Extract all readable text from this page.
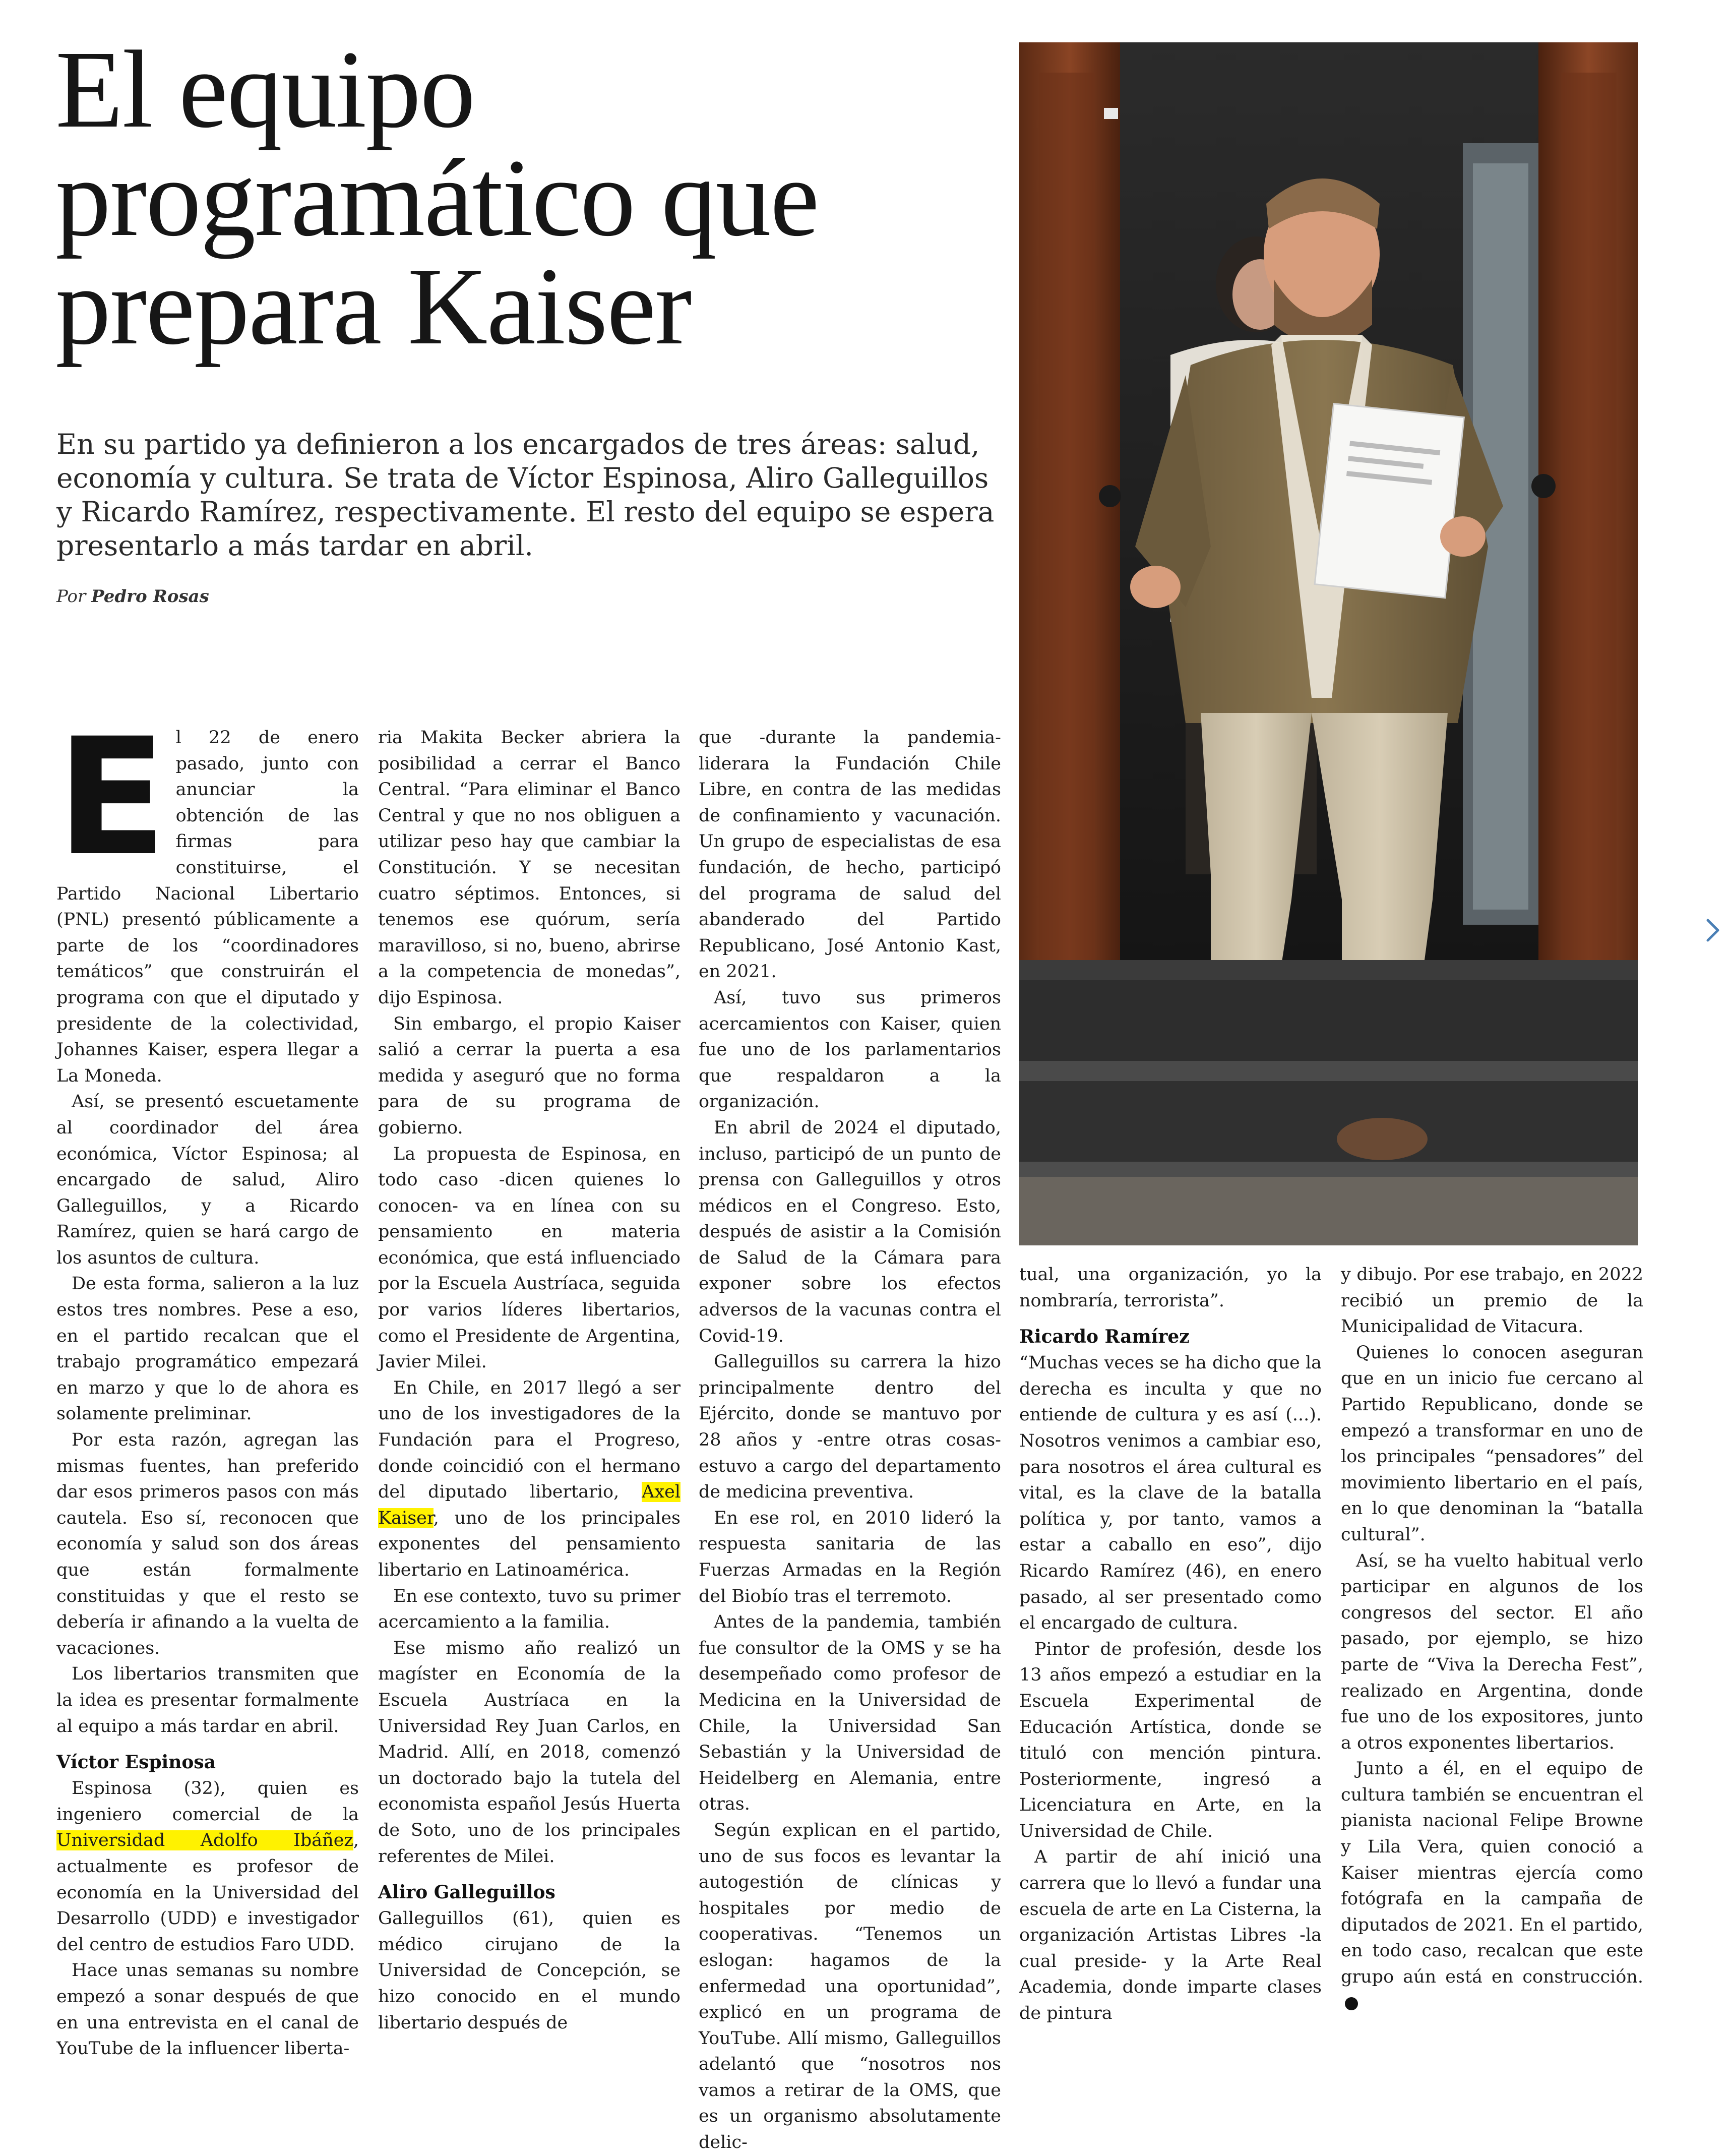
El equipo programático que prepara Kaiser

En su partido ya definieron a los encargados de tres áreas: salud, economía y cultura. Se trata de Víctor Espinosa, Aliro Galleguillos y Ricardo Ramírez, respectivamente. El resto del equipo se espera presentarlo a más tardar en abril.

Por Pedro Rosas

El 22 de enero pasado, junto con anunciar la obtención de las firmas para constituirse, el Partido Nacional Libertario (PNL) presentó públicamente a parte de los “coordinadores temáticos” que construirán el programa con que el diputado y presidente de la colectividad, Johannes Kaiser, espera llegar a La Moneda.

Así, se presentó escuetamente al coordinador del área económica, Víctor Espinosa; al encargado de salud, Aliro Galleguillos, y a Ricardo Ramírez, quien se hará cargo de los asuntos de cultura.

De esta forma, salieron a la luz estos tres nombres. Pese a eso, en el partido recalcan que el trabajo programático empezará en marzo y que lo de ahora es solamente preliminar.

Por esta razón, agregan las mismas fuentes, han preferido dar esos primeros pasos con más cautela. Eso sí, reconocen que economía y salud son dos áreas que están formalmente constituidas y que el resto se debería ir afinando a la vuelta de vacaciones.

Los libertarios transmiten que la idea es presentar formalmente al equipo a más tardar en abril.

Víctor Espinosa

Espinosa (32), quien es ingeniero comercial de la Universidad Adolfo Ibáñez, actualmente es profesor de economía en la Universidad del Desarrollo (UDD) e investigador del centro de estudios Faro UDD.

Hace unas semanas su nombre empezó a sonar después de que en una entrevista en el canal de YouTube de la influencer liberta-

ria Makita Becker abriera la posibilidad a cerrar el Banco Central. “Para eliminar el Banco Central y que no nos obliguen a utilizar peso hay que cambiar la Constitución. Y se necesitan cuatro séptimos. Entonces, si tenemos ese quórum, sería maravilloso, si no, bueno, abrirse a la competencia de monedas”, dijo Espinosa.

Sin embargo, el propio Kaiser salió a cerrar la puerta a esa medida y aseguró que no forma para de su programa de gobierno.

La propuesta de Espinosa, en todo caso -dicen quienes lo conocen- va en línea con su pensamiento en materia económica, que está influenciado por la Escuela Austríaca, seguida por varios líderes libertarios, como el Presidente de Argentina, Javier Milei.

En Chile, en 2017 llegó a ser uno de los investigadores de la Fundación para el Progreso, donde coincidió con el hermano del diputado libertario, Axel Kaiser, uno de los principales exponentes del pensamiento libertario en Latinoamérica.

En ese contexto, tuvo su primer acercamiento a la familia.

Ese mismo año realizó un magíster en Economía de la Escuela Austríaca en la Universidad Rey Juan Carlos, en Madrid. Allí, en 2018, comenzó un doctorado bajo la tutela del economista español Jesús Huerta de Soto, uno de los principales referentes de Milei.

Aliro Galleguillos

Galleguillos (61), quien es médico cirujano de la Universidad de Concepción, se hizo conocido en el mundo libertario después de

que -durante la pandemia- liderara la Fundación Chile Libre, en contra de las medidas de confinamiento y vacunación. Un grupo de especialistas de esa fundación, de hecho, participó del programa de salud del abanderado del Partido Republicano, José Antonio Kast, en 2021.

Así, tuvo sus primeros acercamientos con Kaiser, quien fue uno de los parlamentarios que respaldaron a la organización.

En abril de 2024 el diputado, incluso, participó de un punto de prensa con Galleguillos y otros médicos en el Congreso. Esto, después de asistir a la Comisión de Salud de la Cámara para exponer sobre los efectos adversos de la vacunas contra el Covid-19.

Galleguillos su carrera la hizo principalmente dentro del Ejército, donde se mantuvo por 28 años y -entre otras cosas- estuvo a cargo del departamento de medicina preventiva.

En ese rol, en 2010 lideró la respuesta sanitaria de las Fuerzas Armadas en la Región del Biobío tras el terremoto.

Antes de la pandemia, también fue consultor de la OMS y se ha desempeñado como profesor de Medicina en la Universidad de Chile, la Universidad San Sebastián y la Universidad de Heidelberg en Alemania, entre otras.

Según explican en el partido, uno de sus focos es levantar la autogestión de clínicas y hospitales por medio de cooperativas. “Tenemos un eslogan: hagamos de la enfermedad una oportunidad”, explicó en un programa de YouTube. Allí mismo, Galleguillos adelantó que “nosotros nos vamos a retirar de la OMS, que es un organismo absolutamente delic-

tual, una organización, yo la nombraría, terrorista”.

Ricardo Ramírez

“Muchas veces se ha dicho que la derecha es inculta y que no entiende de cultura y es así (...). Nosotros venimos a cambiar eso, para nosotros el área cultural es vital, es la clave de la batalla política y, por tanto, vamos a estar a caballo en eso”, dijo Ricardo Ramírez (46), en enero pasado, al ser presentado como el encargado de cultura.

Pintor de profesión, desde los 13 años empezó a estudiar en la Escuela Experimental de Educación Artística, donde se tituló con mención pintura. Posteriormente, ingresó a Licenciatura en Arte, en la Universidad de Chile.

A partir de ahí inició una carrera que lo llevó a fundar una escuela de arte en La Cisterna, la organización Artistas Libres -la cual preside- y la Arte Real Academia, donde imparte clases de pintura

y dibujo. Por ese trabajo, en 2022 recibió un premio de la Municipalidad de Vitacura.

Quienes lo conocen aseguran que en un inicio fue cercano al Partido Republicano, donde se empezó a transformar en uno de los principales “pensadores” del movimiento libertario en el país, en lo que denominan la “batalla cultural”.

Así, se ha vuelto habitual verlo participar en algunos de los congresos del sector. El año pasado, por ejemplo, se hizo parte de “Viva la Derecha Fest”, realizado en Argentina, donde fue uno de los expositores, junto a otros exponentes libertarios.

Junto a él, en el equipo de cultura también se encuentran el pianista nacional Felipe Browne y Lila Vera, quien conoció a Kaiser mientras ejercía como fotógrafa en la campaña de diputados de 2021. En el partido, en todo caso, recalcan que este grupo aún está en construcción.
